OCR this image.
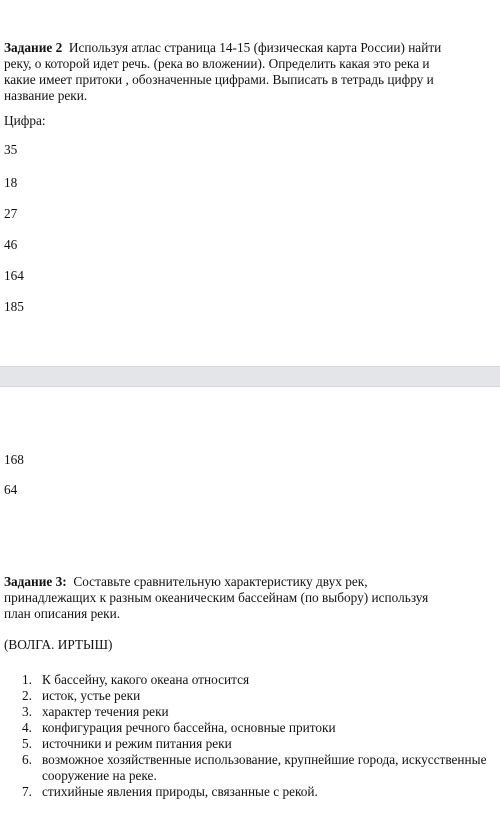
Задание 2 Используя атлас страница 14-15 (физическая карта России) найти
реку, о которой идет речь. (река во вложении). Определить какая это река и
какие имеет притоки , обозначенные цифрами. Выписать в тетрадь цифру и
название реки.
Цифра:
35
18
27
46
164
185
168
64
Задание 3: Составьте сравнительную характеристику двух рек,
принадлежащих к разным океаническим бассейнам (по выбору) используя
план описания реки.
(ВОЛГА. ИРТЫШ)
1. К бассейну, какого океана относится
2. исток, устье реки
3. характер течения реки
4. конфигурация речного бассейна, основные притоки
5. источники и режим питания реки
6. возможное хозяйственные использование, крупнейшие города, искусственные сооружение на реке.
7. стихийные явления природы, связанные с рекой.
